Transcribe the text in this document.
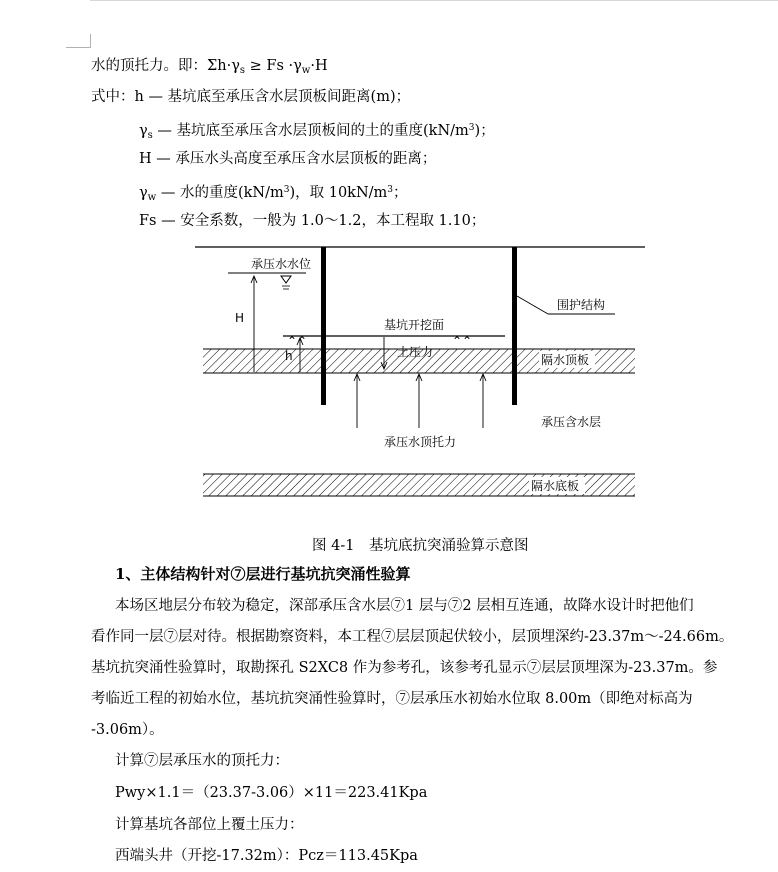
水的顶托力。即：$\Sigma h\cdot\gamma_s \ge Fs \cdot\gamma_w\cdot H$
式中：h — 基坑底至承压含水层顶板间距离(m)；
$\gamma_s$ — 基坑底至承压含水层顶板间的土的重度$(kN/m^3)$；
H — 承压水头高度至承压含水层顶板的距离；
$\gamma_w$ — 水的重度$(kN/m^3)$，取 $10kN/m^3$；
Fs — 安全系数，一般为 1.0～1.2，本工程取 1.10；
基坑开挖面
⌃⌃	⌃⌃
承压水水位
H
h	土压力
承压水顶托力
围护结构
隔水顶板
承压含水层
隔水底板
图 4-1　基坑底抗突涌验算示意图
1、主体结构针对⑦层进行基坑抗突涌性验算
本场区地层分布较为稳定，深部承压含水层⑦1 层与⑦2 层相互连通，故降水设计时把他们
看作同一层⑦层对待。根据勘察资料，本工程⑦层层顶起伏较小，层顶埋深约-23.37m～-24.66m。
基坑抗突涌性验算时，取勘探孔 S2XC8 作为参考孔，该参考孔显示⑦层层顶埋深为-23.37m。参
考临近工程的初始水位，基坑抗突涌性验算时，⑦层承压水初始水位取 8.00m（即绝对标高为
-3.06m）。
计算⑦层承压水的顶托力：
Pwy×1.1＝（23.37-3.06）×11＝223.41Kpa
计算基坑各部位上覆土压力：
西端头井（开挖-17.32m）：Pcz＝113.45Kpa
